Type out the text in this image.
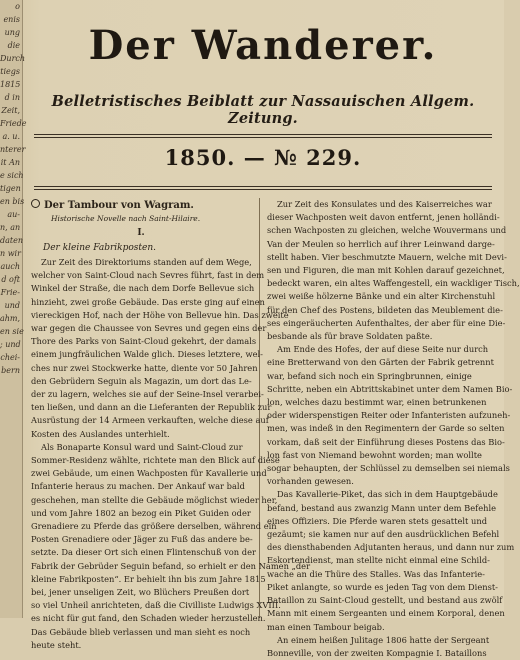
o
enis
ung
die
Durch
tiegs
1815
d in
Zeit,
Friede
a. u.
nterer
it An
e sich
tigen
en bis
au-
n, an
daten
n wir
auch
d oft
Frie-
und
ahm,
en sie
; und
chei-
bern
Der Wanderer.
Belletristisches Beiblatt zur Nassauischen Allgem. Zeitung.
1850. — № 229.
Der Tambour von Wagram.
Historische Novelle nach Saint-Hilaire.
I.
Der kleine Fabrikposten.
Zur Zeit des Direktoriums standen auf dem Wege,
welcher von Saint-Cloud nach Sevres führt, fast in dem
Winkel der Straße, die nach dem Dorfe Bellevue sich
hinzieht, zwei große Gebäude. Das erste ging auf einen
viereckigen Hof, nach der Höhe von Bellevue hin. Das zweite
war gegen die Chaussee von Sevres und gegen eins der
Thore des Parks von Saint-Cloud gekehrt, der damals
einem jungfräulichen Walde glich. Dieses letztere, wel-
ches nur zwei Stockwerke hatte, diente vor 50 Jahren
den Gebrüdern Seguin als Magazin, um dort das Le-
der zu lagern, welches sie auf der Seine-Insel verarbei-
ten ließen, und dann an die Lieferanten der Republik zur
Ausrüstung der 14 Armeen verkauften, welche diese auf
Kosten des Auslandes unterhielt.
Als Bonaparte Konsul ward und Saint-Cloud zur
Sommer-Residenz wählte, richtete man den Blick auf diese
zwei Gebäude, um einen Wachposten für Kavallerie und
Infanterie heraus zu machen. Der Ankauf war bald
geschehen, man stellte die Gebäude möglichst wieder her,
und vom Jahre 1802 an bezog ein Piket Guiden oder
Grenadiere zu Pferde das größere derselben, während ein
Posten Grenadiere oder Jäger zu Fuß das andere be-
setzte. Da dieser Ort sich einen Flintenschuß von der
Fabrik der Gebrüder Seguin befand, so erhielt er den Namen „der
kleine Fabrikposten“. Er behielt ihn bis zum Jahre 1815
bei, jener unseligen Zeit, wo Blüchers Preußen dort
so viel Unheil anrichteten, daß die Civilliste Ludwigs XVIII.
es nicht für gut fand, den Schaden wieder herzustellen.
Das Gebäude blieb verlassen und man sieht es noch
heute steht.
Zur Zeit des Konsulates und des Kaiserreiches war
dieser Wachposten weit davon entfernt, jenen holländi-
schen Wachposten zu gleichen, welche Wouvermans und
Van der Meulen so herrlich auf ihrer Leinwand darge-
stellt haben. Vier beschmutzte Mauern, welche mit Devi-
sen und Figuren, die man mit Kohlen darauf gezeichnet,
bedeckt waren, ein altes Waffengestell, ein wackliger Tisch,
zwei weiße hölzerne Bänke und ein alter Kirchenstuhl
für den Chef des Postens, bildeten das Meublement die-
ses eingeräucherten Aufenthaltes, der aber für eine Die-
besbande als für brave Soldaten paßte.
Am Ende des Hofes, der auf diese Seite nur durch
eine Bretterwand von den Gärten der Fabrik getrennt
war, befand sich noch ein Springbrunnen, einige
Schritte, neben ein Abtrittskabinet unter dem Namen Bio-
lon, welches dazu bestimmt war, einen betrunkenen
oder widerspenstigen Reiter oder Infanteristen aufzuneh-
men, was indeß in den Regimentern der Garde so selten
vorkam, daß seit der Einführung dieses Postens das Bio-
lon fast von Niemand bewohnt worden; man wollte
sogar behaupten, der Schlüssel zu demselben sei niemals
vorhanden gewesen.
Das Kavallerie-Piket, das sich in dem Hauptgebäude
befand, bestand aus zwanzig Mann unter dem Befehle
eines Offiziers. Die Pferde waren stets gesattelt und
gezäumt; sie kamen nur auf den ausdrücklichen Befehl
des diensthabenden Adjutanten heraus, und dann nur zum
Eskortendienst, man stellte nicht einmal eine Schild-
wache an die Thüre des Stalles. Was das Infanterie-
Piket anlangte, so wurde es jeden Tag von dem Dienst-
Bataillon zu Saint-Cloud gestellt, und bestand aus zwölf
Mann mit einem Sergeanten und einem Korporal, denen
man einen Tambour beigab.
An einem heißen Julitage 1806 hatte der Sergeant
Bonneville, von der zweiten Kompagnie I. Bataillons
